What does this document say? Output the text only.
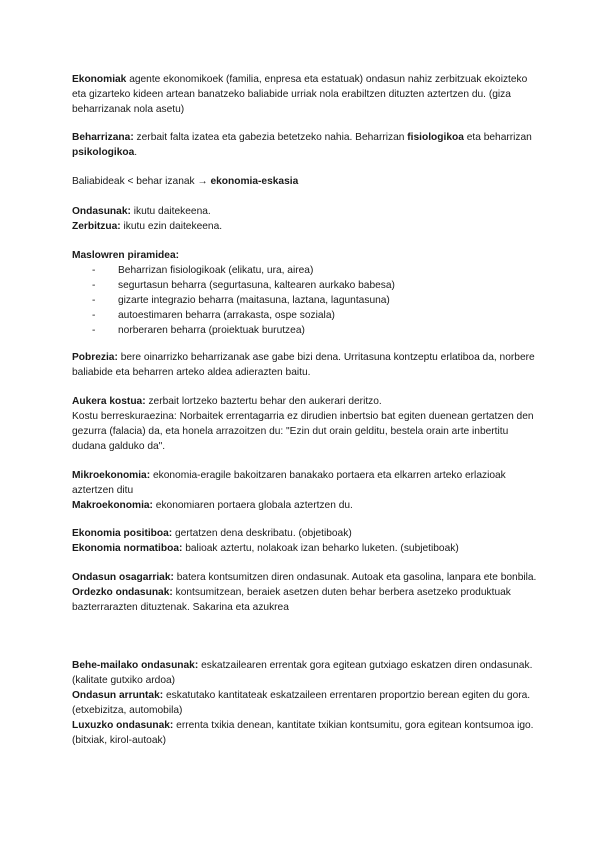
Ekonomiak agente ekonomikoek (familia, enpresa eta estatuak) ondasun nahiz zerbitzuak ekoizteko eta gizarteko kideen artean banatzeko baliabide urriak nola erabiltzen dituzten aztertzen du. (giza beharrizanak nola asetu)

Beharrizana: zerbait falta izatea eta gabezia betetzeko nahia. Beharrizan fisiologikoa eta beharrizan psikologikoa.

Baliabideak < behar izanak → ekonomia-eskasia

Ondasunak: ikutu daitekeena.

Zerbitzua: ikutu ezin daitekeena.

Maslowren piramidea:

- Beharrizan fisiologikoak (elikatu, ura, airea)
- segurtasun beharra (segurtasuna, kaltearen aurkako babesa)
- gizarte integrazio beharra (maitasuna, laztana, laguntasuna)
- autoestimaren beharra (arrakasta, ospe soziala)
- norberaren beharra (proiektuak burutzea)

Pobrezia: bere oinarrizko beharrizanak ase gabe bizi dena. Urritasuna kontzeptu erlatiboa da, norbere baliabide eta beharren arteko aldea adierazten baitu.

Aukera kostua: zerbait lortzeko baztertu behar den aukerari deritzo.

Kostu berreskuraezina: Norbaitek errentagarria ez dirudien inbertsio bat egiten duenean gertatzen den gezurra (falacia) da, eta honela arrazoitzen du: "Ezin dut orain gelditu, bestela orain arte inbertitu dudana galduko da".

Mikroekonomia: ekonomia-eragile bakoitzaren banakako portaera eta elkarren arteko erlazioak aztertzen ditu

Makroekonomia: ekonomiaren portaera globala aztertzen du.

Ekonomia positiboa: gertatzen dena deskribatu. (objetiboak)

Ekonomia normatiboa: balioak aztertu, nolakoak izan beharko luketen. (subjetiboak)

Ondasun osagarriak: batera kontsumitzen diren ondasunak. Autoak eta gasolina, lanpara ete bonbila.

Ordezko ondasunak: kontsumitzean, beraiek asetzen duten behar berbera asetzeko produktuak bazterrarazten dituztenak. Sakarina eta azukrea

Behe-mailako ondasunak: eskatzailearen errentak gora egitean gutxiago eskatzen diren ondasunak. (kalitate gutxiko ardoa)

Ondasun arruntak: eskatutako kantitateak eskatzaileen errentaren proportzio berean egiten du gora. (etxebizitza, automobila)

Luxuzko ondasunak: errenta txikia denean, kantitate txikian kontsumitu, gora egitean kontsumoa igo. (bitxiak, kirol-autoak)
